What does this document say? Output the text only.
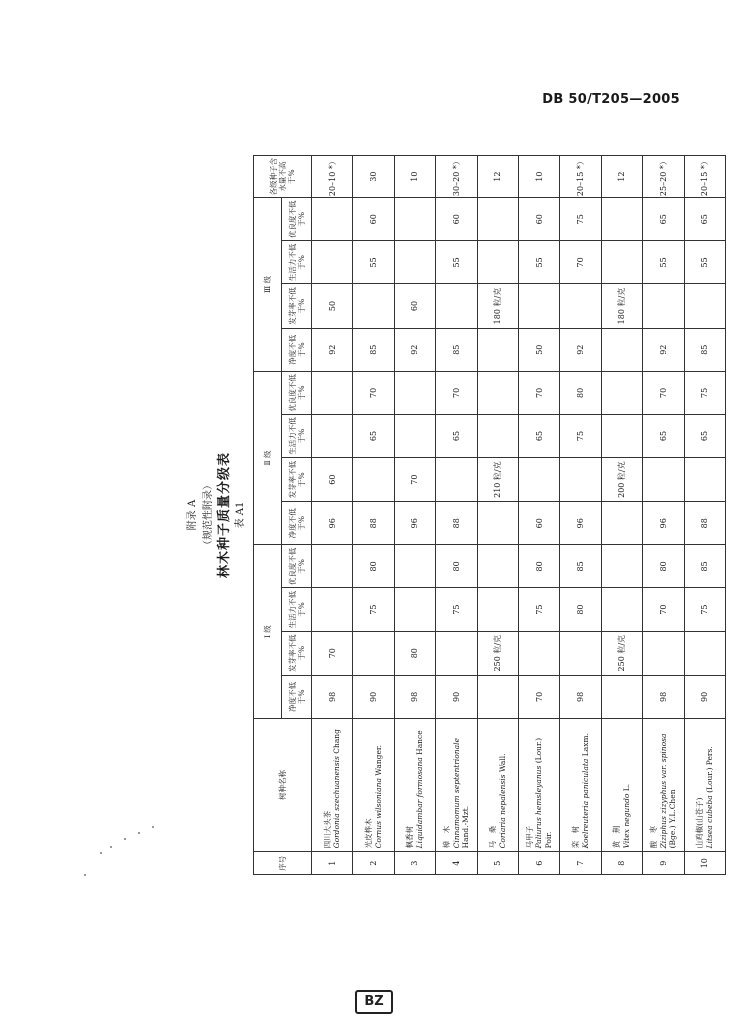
DB 50/T205—2005
附录 A （规范性附录） 林木种子质量分级表 表 A1
序号	树种名称	Ⅰ 级				Ⅱ 级				Ⅲ 级				各级种子含水量不高于%
		净度不低于%	发芽率不低于%	生活力不低于%	优良度不低于%	净度不低于%	发芽率不低于%	生活力不低于%	优良度不低于%	净度不低于%	发芽率不低于%	生活力不低于%	优良度不低于%	
1	四川大头茶 Gordonia szechuanensis Chang	98	70			96	60			92	50			20–10 *）
2	光皮桦木 Cornus wilsoniana Wanger.	90		75	80	88		65	70	85		55	60	30
3	枫香树 Liquidambar formosana Hance	98	80			96	70			92	60			10
4	樟　木 Cinnamomum septentrionale Hand.-Mzt.	90		75	80	88		65	70	85		55	60	30–20 *）
5	马　桑 Coriaria nepalensis Wall.		250 粒/克				210 粒/克				180 粒/克			12
6	马甲子 Paliurus hemsleyanus (Lour.) Poir.	70		75	80	60		65	70	50		55	60	10
7	栾　树 Koelreuteria paniculata Laxm.	98		80	85	96		75	80	92		70	75	20–15 *）
8	黄　荆 Vitex negundo L.		250 粒/克				200 粒/克				180 粒/克			12
9	酸　枣 Ziziphus zizyphus var. spinosa (Bge.) Y.L.Chen	98		70	80	96		65	70	92		55	65	25–20 *）
10	山鸡椒(山苍子) Litsea cubeba (Lour.) Pers.	90		75	85	88		65	75	85		55	65	20–15 *）
BZ
